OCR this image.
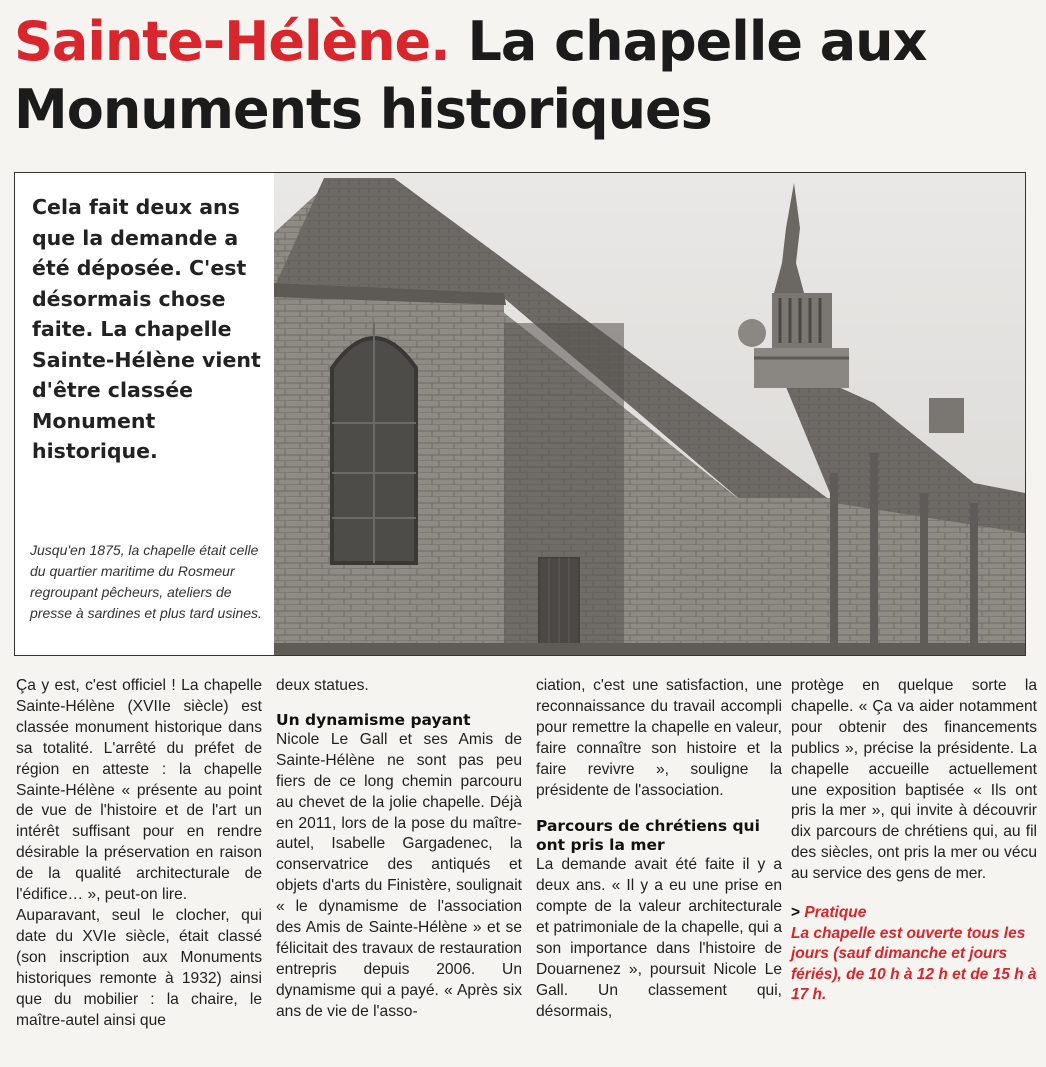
Sainte-Hélène. La chapelle aux Monuments historiques
Cela fait deux ans que la demande a été déposée. C'est désormais chose faite. La chapelle Sainte-Hélène vient d'être classée Monument historique.
Jusqu'en 1875, la chapelle était celle du quartier maritime du Rosmeur regroupant pêcheurs, ateliers de presse à sardines et plus tard usines.

Ça y est, c'est officiel ! La chapelle Sainte-Hélène (XVIIe siècle) est classée monument historique dans sa totalité. L'arrêté du préfet de région en atteste : la chapelle Sainte-Hélène « présente au point de vue de l'histoire et de l'art un intérêt suffisant pour en rendre désirable la préservation en raison de la qualité architecturale de l'édifice… », peut-on lire.

Auparavant, seul le clocher, qui date du XVIe siècle, était classé (son inscription aux Monuments historiques remonte à 1932) ainsi que du mobilier : la chaire, le maître-autel ainsi que

deux statues.

Un dynamisme payant

Nicole Le Gall et ses Amis de Sainte-Hélène ne sont pas peu fiers de ce long chemin parcouru au chevet de la jolie chapelle. Déjà en 2011, lors de la pose du maître-autel, Isabelle Gargadenec, la conservatrice des antiqués et objets d'arts du Finistère, soulignait « le dynamisme de l'association des Amis de Sainte-Hélène » et se félicitait des travaux de restauration entrepris depuis 2006. Un dynamisme qui a payé. « Après six ans de vie de l'asso-

ciation, c'est une satisfaction, une reconnaissance du travail accompli pour remettre la chapelle en valeur, faire connaître son histoire et la faire revivre », souligne la présidente de l'association.

Parcours de chrétiens qui ont pris la mer

La demande avait été faite il y a deux ans. « Il y a eu une prise en compte de la valeur architecturale et patrimoniale de la chapelle, qui a son importance dans l'histoire de Douarnenez », poursuit Nicole Le Gall. Un classement qui, désormais,

protège en quelque sorte la chapelle. « Ça va aider notamment pour obtenir des financements publics », précise la présidente. La chapelle accueille actuellement une exposition baptisée « Ils ont pris la mer », qui invite à découvrir dix parcours de chrétiens qui, au fil des siècles, ont pris la mer ou vécu au service des gens de mer.

> Pratique
La chapelle est ouverte tous les jours (sauf dimanche et jours fériés), de 10 h à 12 h et de 15 h à 17 h.
